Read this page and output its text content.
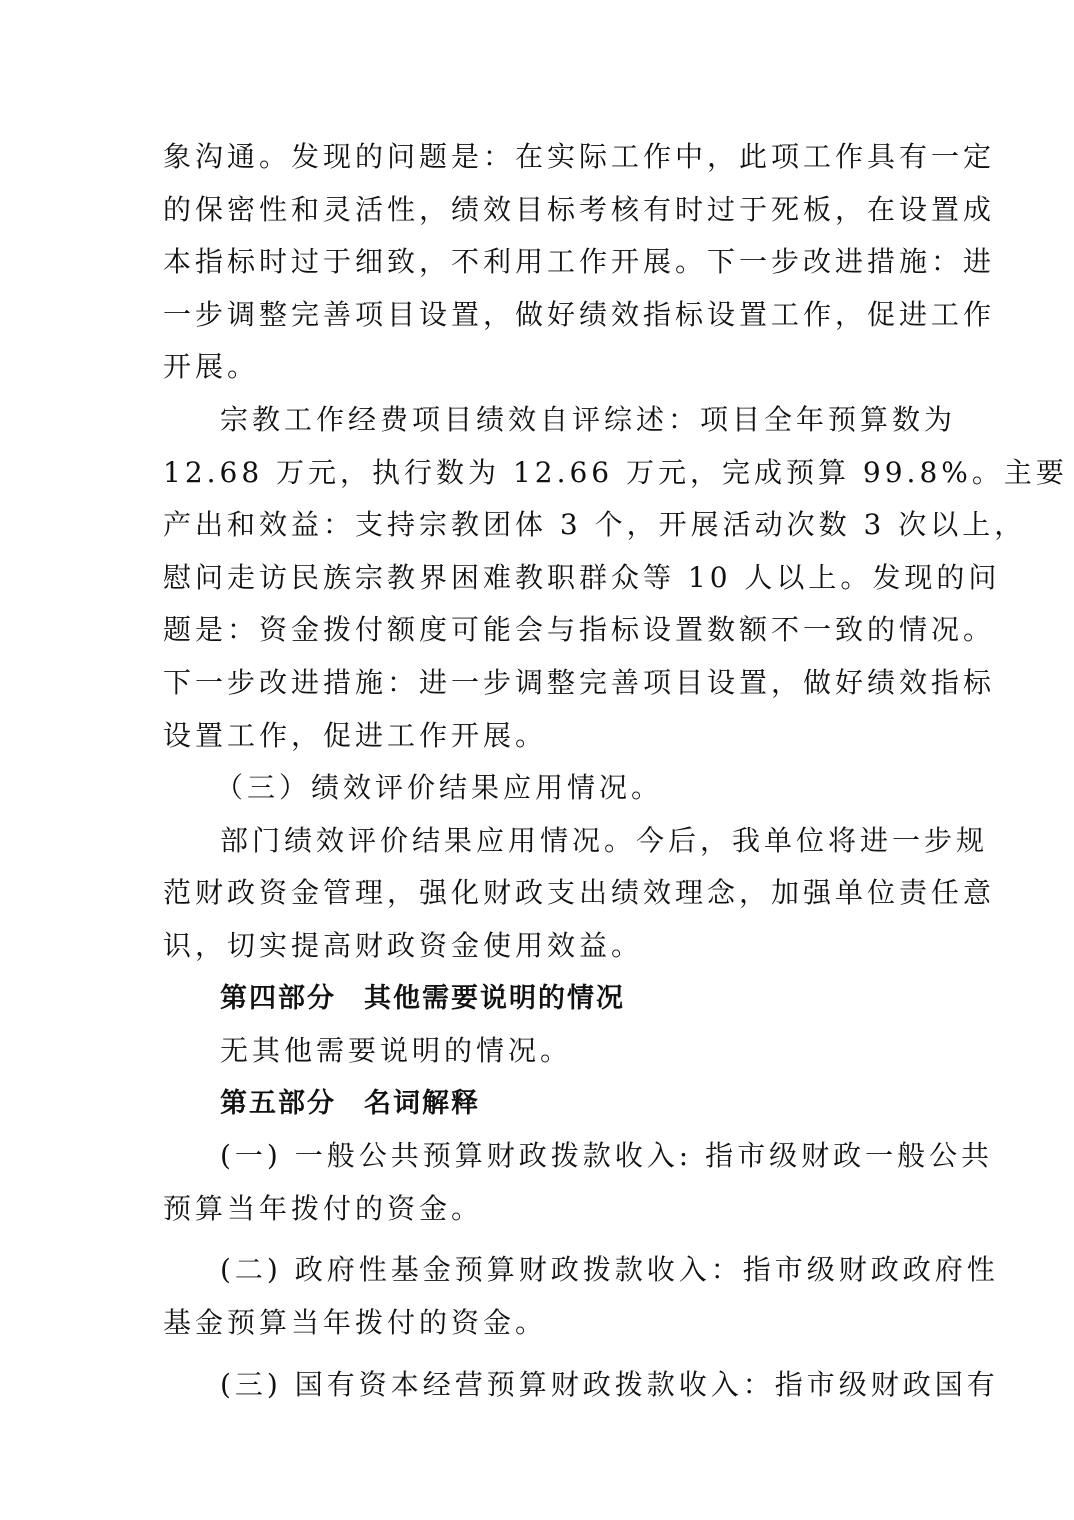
象沟通。发现的问题是：在实际工作中，此项工作具有一定
的保密性和灵活性，绩效目标考核有时过于死板，在设置成
本指标时过于细致，不利用工作开展。下一步改进措施：进
一步调整完善项目设置，做好绩效指标设置工作，促进工作
开展。
宗教工作经费项目绩效自评综述：项目全年预算数为
12.68 万元，执行数为 12.66 万元，完成预算 99.8%。主要
产出和效益：支持宗教团体 3 个，开展活动次数 3 次以上，
慰问走访民族宗教界困难教职群众等 10 人以上。发现的问
题是：资金拨付额度可能会与指标设置数额不一致的情况。
下一步改进措施：进一步调整完善项目设置，做好绩效指标
设置工作，促进工作开展。
（三）绩效评价结果应用情况。
部门绩效评价结果应用情况。今后，我单位将进一步规
范财政资金管理，强化财政支出绩效理念，加强单位责任意
识，切实提高财政资金使用效益。
第四部分 其他需要说明的情况
无其他需要说明的情况。
第五部分 名词解释
(一) 一般公共预算财政拨款收入: 指市级财政一般公共
预算当年拨付的资金。
(二) 政府性基金预算财政拨款收入：指市级财政政府性
基金预算当年拨付的资金。
(三) 国有资本经营预算财政拨款收入：指市级财政国有
